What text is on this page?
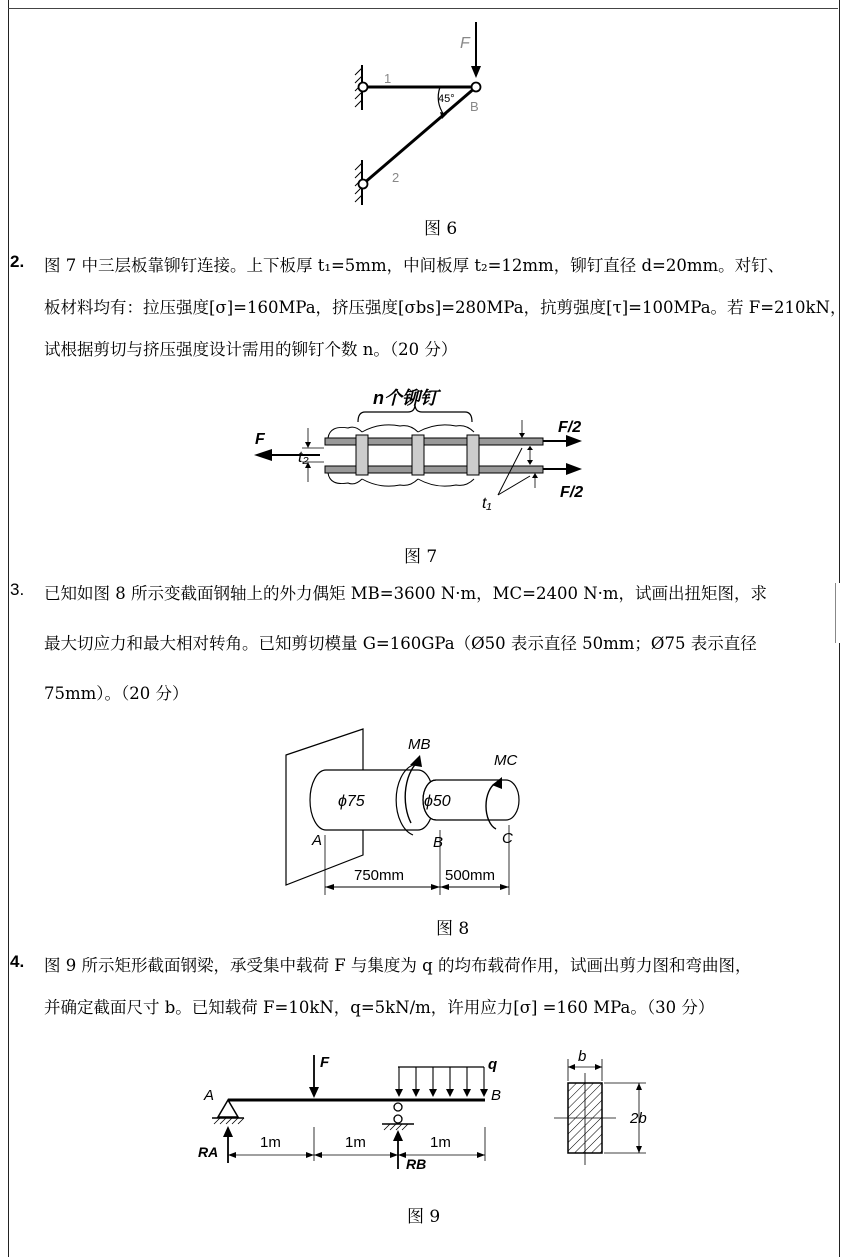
F
1
45° B
2
图 6
2.	图 7 中三层板靠铆钉连接。上下板厚 t₁=5mm，中间板厚 t₂=12mm，铆钉直径 d=20mm。对钉、
板材料均有：拉压强度[σ]=160MPa，挤压强度[σbs]=280MPa，抗剪强度[τ]=100MPa。若 F=210kN，
试根据剪切与挤压强度设计需用的铆钉个数 n。（20 分）
n个铆钉
F
t₂
F/2
F/2
t₁
图 7
3.	已知如图 8 所示变截面钢轴上的外力偶矩 MB=3600 N·m，MC=2400 N·m，试画出扭矩图，求
最大切应力和最大相对转角。已知剪切模量 G=160GPa（Ø50 表示直径 50mm；Ø75 表示直径
75mm）。（20 分）
MB
MC
ϕ75	ϕ50
A	B	C
750mm	500mm
图 8
4.	图 9 所示矩形截面钢梁，承受集中载荷 F 与集度为 q 的均布载荷作用，试画出剪力图和弯曲图，
并确定截面尺寸 b。已知载荷 F=10kN，q=5kN/m，许用应力[σ] =160 MPa。（30 分）
F	q
A	B
RA
RB
1m	1m	1m
b
2b
图 9
